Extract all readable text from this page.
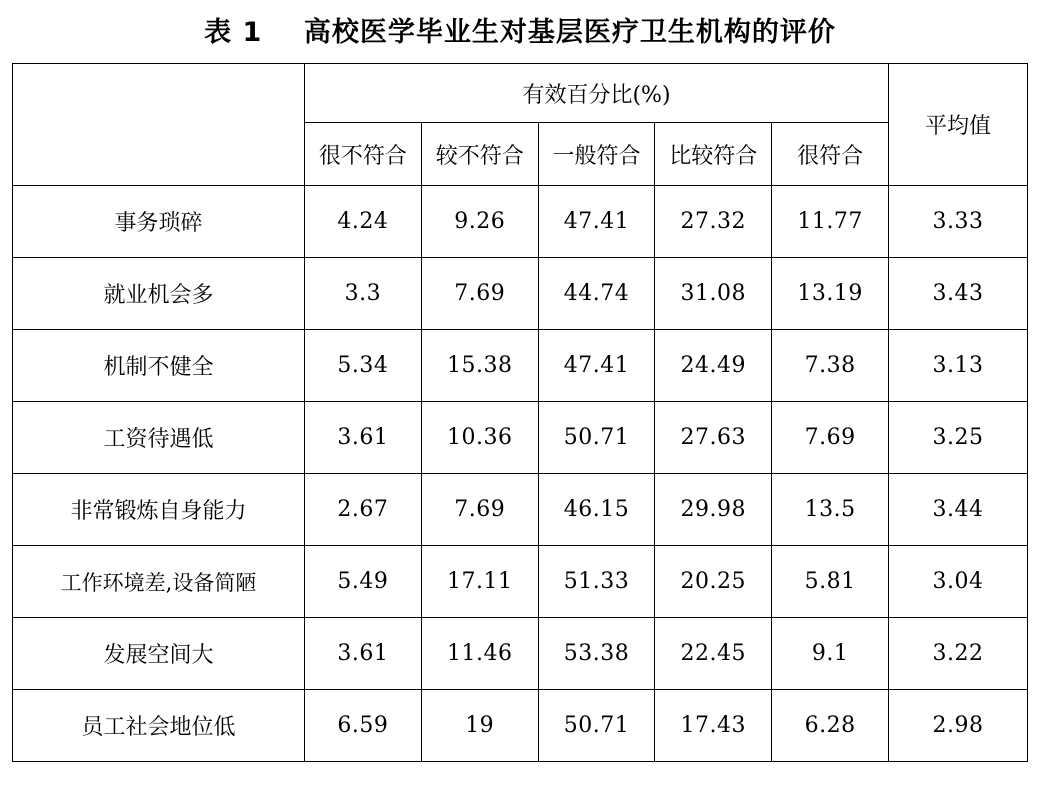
表 1    高校医学毕业生对基层医疗卫生机构的评价
	有效百分比(%)					平均值
	很不符合	较不符合	一般符合	比较符合	很符合	
事务琐碎	4.24	9.26	47.41	27.32	11.77	3.33
就业机会多	3.3	7.69	44.74	31.08	13.19	3.43
机制不健全	5.34	15.38	47.41	24.49	7.38	3.13
工资待遇低	3.61	10.36	50.71	27.63	7.69	3.25
非常锻炼自身能力	2.67	7.69	46.15	29.98	13.5	3.44
工作环境差,设备简陋	5.49	17.11	51.33	20.25	5.81	3.04
发展空间大	3.61	11.46	53.38	22.45	9.1	3.22
员工社会地位低	6.59	19	50.71	17.43	6.28	2.98
